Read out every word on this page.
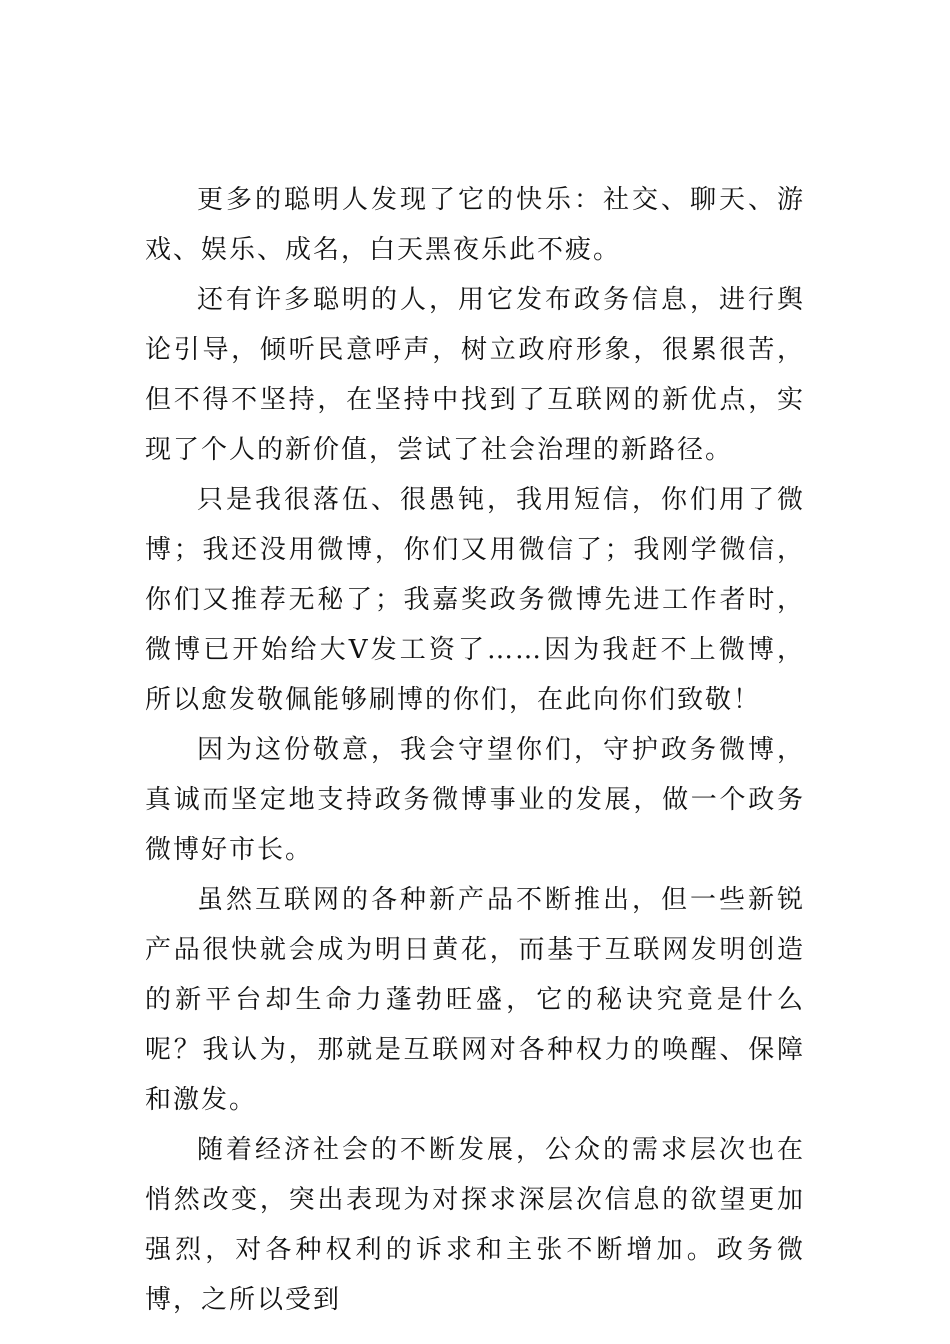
更多的聪明人发现了它的快乐：社交、聊天、游戏、娱乐、成名，白天黑夜乐此不疲。

还有许多聪明的人，用它发布政务信息，进行舆论引导，倾听民意呼声，树立政府形象，很累很苦，但不得不坚持，在坚持中找到了互联网的新优点，实现了个人的新价值，尝试了社会治理的新路径。

只是我很落伍、很愚钝，我用短信，你们用了微博；我还没用微博，你们又用微信了；我刚学微信，你们又推荐无秘了；我嘉奖政务微博先进工作者时，微博已开始给大V发工资了……因为我赶不上微博，所以愈发敬佩能够刷博的你们，在此向你们致敬！

因为这份敬意，我会守望你们，守护政务微博，真诚而坚定地支持政务微博事业的发展，做一个政务微博好市长。

虽然互联网的各种新产品不断推出，但一些新锐产品很快就会成为明日黄花，而基于互联网发明创造的新平台却生命力蓬勃旺盛，它的秘诀究竟是什么呢？我认为，那就是互联网对各种权力的唤醒、保障和激发。

随着经济社会的不断发展，公众的需求层次也在悄然改变，突出表现为对探求深层次信息的欲望更加强烈，对各种权利的诉求和主张不断增加。政务微博，之所以受到
